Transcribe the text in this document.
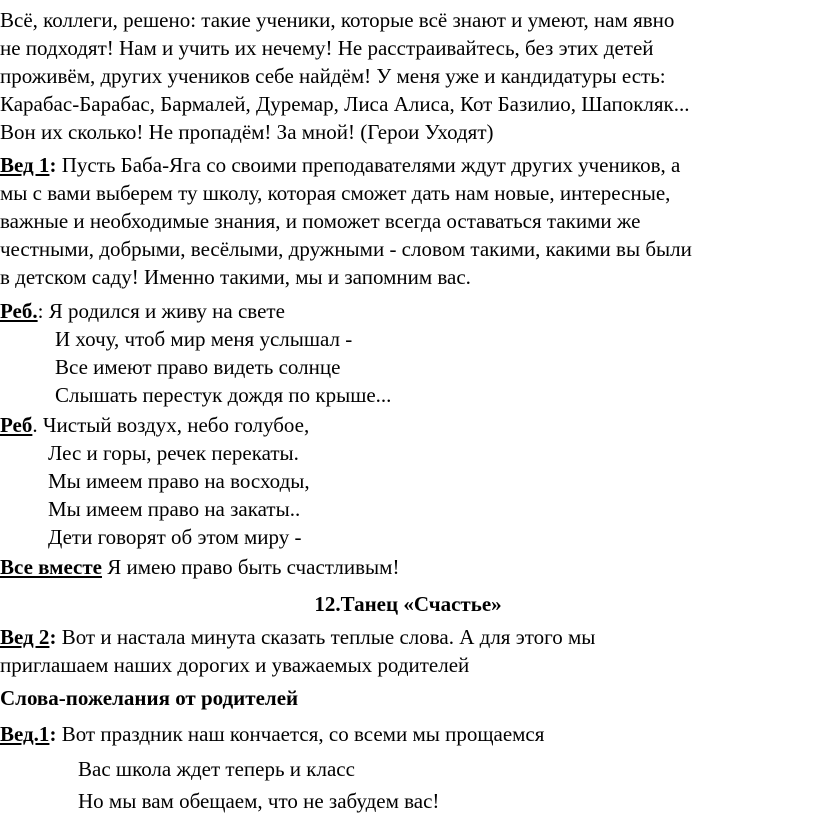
Всё, коллеги, решено: такие ученики, которые всё знают и умеют, нам явно
не подходят! Нам и учить их нечему! Не расстраивайтесь, без этих детей
проживём, других учеников себе найдём! У меня уже и кандидатуры есть:
Карабас-Барабас, Бармалей, Дуремар, Лиса Алиса, Кот Базилио, Шапокляк...
Вон их сколько! Не пропадём! За мной! (Герои Уходят)
Вед 1: Пусть Баба-Яга со своими преподавателями ждут других учеников, а
мы с вами выберем ту школу, которая сможет дать нам новые, интересные,
важные и необходимые знания, и поможет всегда оставаться такими же
честными, добрыми, весёлыми, дружными - словом такими, какими вы были
в детском саду! Именно такими, мы и запомним вас.
Реб.: Я родился и живу на свете
И хочу, чтоб мир меня услышал -
Все имеют право видеть солнце
Слышать перестук дождя по крыше...
Реб. Чистый воздух, небо голубое,
Лес и горы, речек перекаты.
Мы имеем право на восходы,
Мы имеем право на закаты..
Дети говорят об этом миру -
Все вместе Я имею право быть счастливым!
12.Танец «Счастье»
Вед 2: Вот и настала минута сказать теплые слова. А для этого мы
приглашаем наших дорогих и уважаемых родителей
Слова-пожелания от родителей
Вед.1: Вот праздник наш кончается, со всеми мы прощаемся
Вас школа ждет теперь и класс
Но мы вам обещаем, что не забудем вас!
